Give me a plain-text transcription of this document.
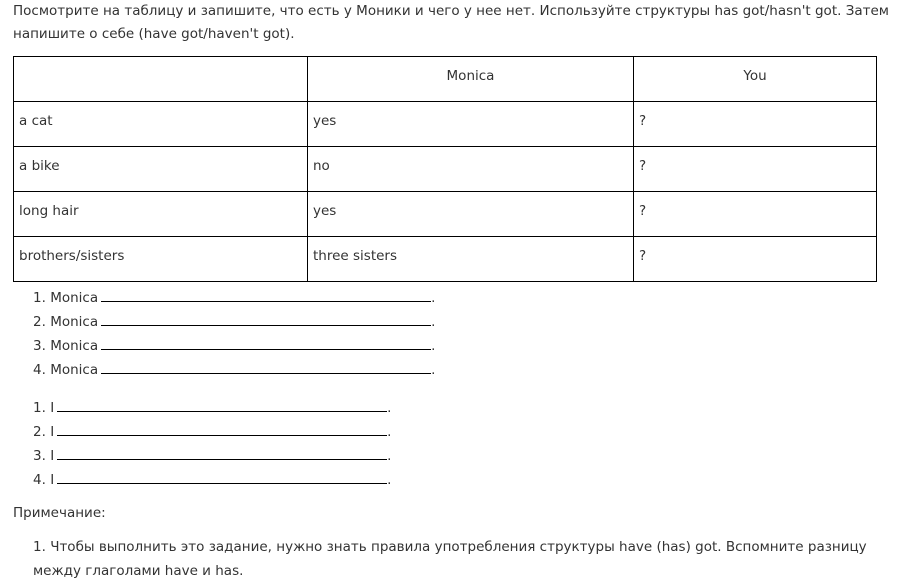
Посмотрите на таблицу и запишите, что есть у Моники и чего у нее нет. Используйте структуры has got/hasn't got. Затем напишите о себе (have got/haven't got).

	Monica	You
a cat	yes	?
a bike	no	?
long hair	yes	?
brothers/sisters	three sisters	?
1. Monica	.
2. Monica	.
3. Monica	.
4. Monica	.
1. I	.
2. I	.
3. I	.
4. I	.

Примечание:

1. Чтобы выполнить это задание, нужно знать правила употребления структуры have (has) got. Вспомните разницу между глаголами have и has.
